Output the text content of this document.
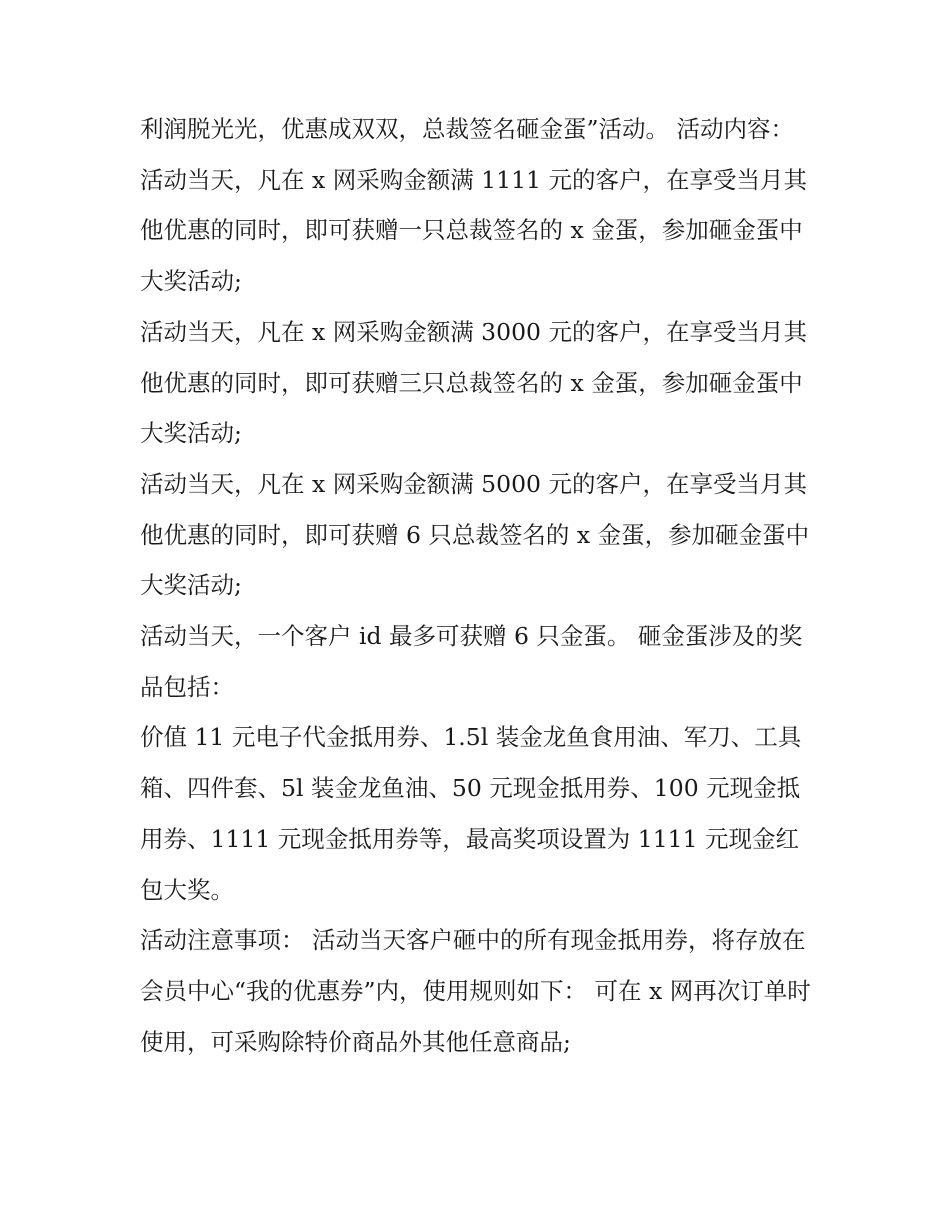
利润脱光光，优惠成双双，总裁签名砸金蛋”活动。 活动内容：

活动当天，凡在 x 网采购金额满 1111 元的客户，在享受当月其他优惠的同时，即可获赠一只总裁签名的 x 金蛋，参加砸金蛋中大奖活动;

活动当天，凡在 x 网采购金额满 3000 元的客户，在享受当月其他优惠的同时，即可获赠三只总裁签名的 x 金蛋，参加砸金蛋中大奖活动;

活动当天，凡在 x 网采购金额满 5000 元的客户，在享受当月其他优惠的同时，即可获赠 6 只总裁签名的 x 金蛋，参加砸金蛋中大奖活动;

活动当天，一个客户 id 最多可获赠 6 只金蛋。 砸金蛋涉及的奖品包括：

价值 11 元电子代金抵用券、1.5l 装金龙鱼食用油、军刀、工具箱、四件套、5l 装金龙鱼油、50 元现金抵用券、100 元现金抵用券、1111 元现金抵用券等，最高奖项设置为 1111 元现金红包大奖。

活动注意事项： 活动当天客户砸中的所有现金抵用券，将存放在会员中心“我的优惠券”内，使用规则如下： 可在 x 网再次订单时使用，可采购除特价商品外其他任意商品;
